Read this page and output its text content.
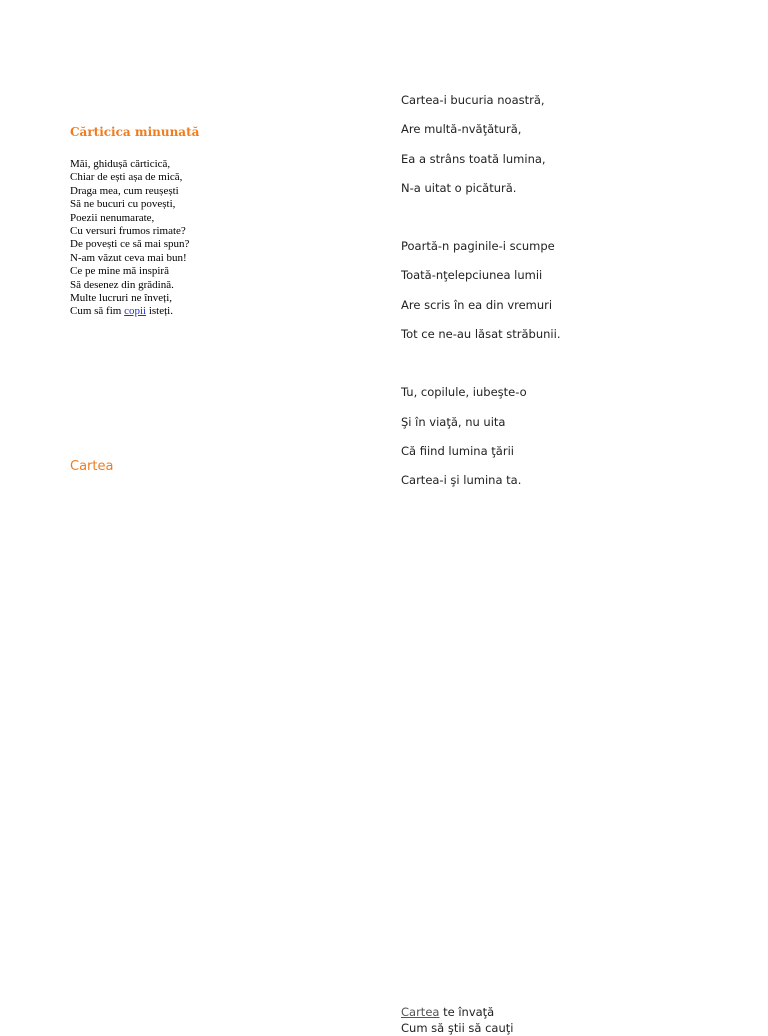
Cărticica minunată
Măi, ghidușă cărticică,
Chiar de ești așa de mică,
Draga mea, cum reușești
Să ne bucuri cu povești,
Poezii nenumarate,
Cu versuri frumos rimate?
De povești ce să mai spun?
N-am văzut ceva mai bun!
Ce pe mine mă inspiră
Să desenez din grădină.
Multe lucruri ne înveți,
Cum să fim copii isteți.
Cartea
Cartea-i bucuria noastră,
Are multă-nvăţătură,
Ea a strâns toată lumina,
N-a uitat o picătură.
Poartă-n paginile-i scumpe
Toată-nţelepciunea lumii
Are scris în ea din vremuri
Tot ce ne-au lăsat străbunii.
Tu, copilule, iubeşte-o
Şi în viaţă, nu uita
Că fiind lumina ţării
Cartea-i şi lumina ta.
Cartea te învaţă
Cum să ştii să cauţi
